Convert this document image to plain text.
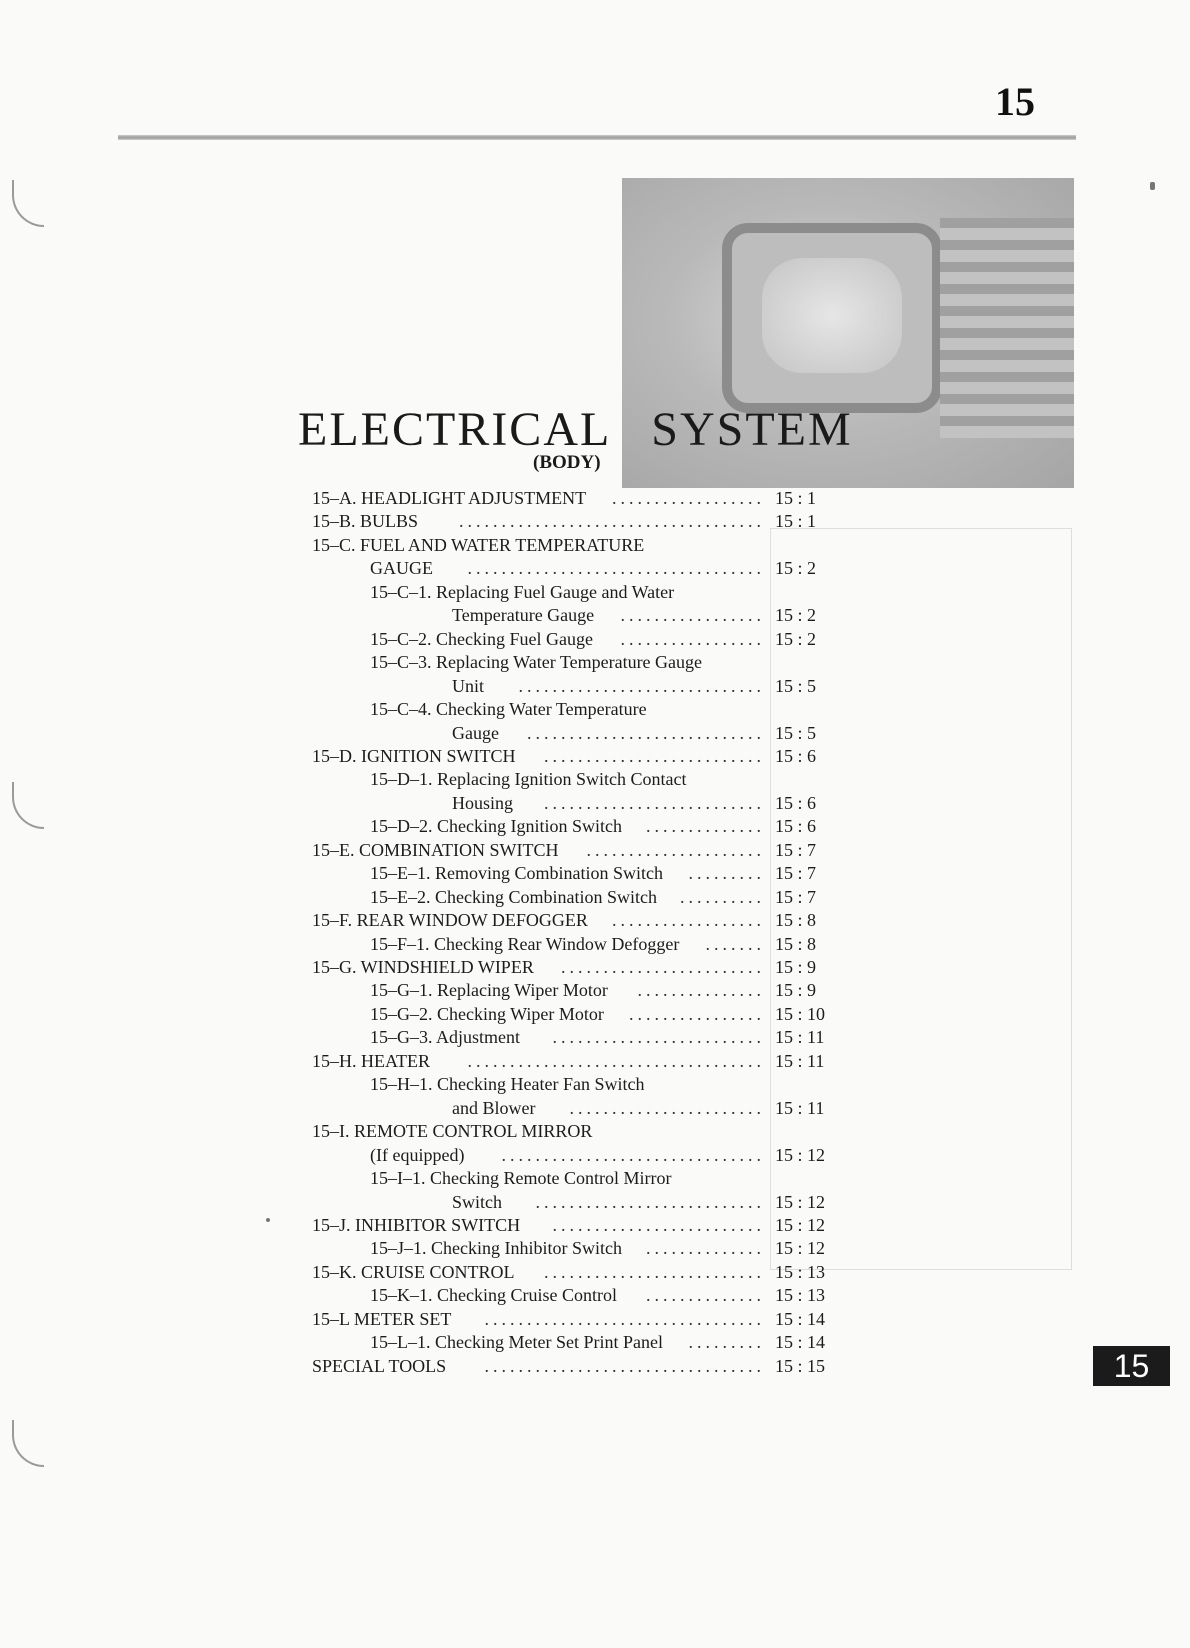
15
ELECTRICAL SYSTEM
(BODY)
15–A. HEADLIGHT ADJUSTMENT	.................. 15 : 1
15–B. BULBS	.................................... 15 : 1
15–C. FUEL AND WATER TEMPERATURE
GAUGE	................................... 15 : 2
15–C–1. Replacing Fuel Gauge and Water
Temperature Gauge	................. 15 : 2
15–C–2. Checking Fuel Gauge	................. 15 : 2
15–C–3. Replacing Water Temperature Gauge
Unit	............................. 15 : 5
15–C–4. Checking Water Temperature
Gauge	............................ 15 : 5
15–D. IGNITION SWITCH	.......................... 15 : 6
15–D–1. Replacing Ignition Switch Contact
Housing	.......................... 15 : 6
15–D–2. Checking Ignition Switch	.............. 15 : 6
15–E. COMBINATION SWITCH	..................... 15 : 7
15–E–1. Removing Combination Switch	......... 15 : 7
15–E–2. Checking Combination Switch	.......... 15 : 7
15–F. REAR WINDOW DEFOGGER	.................. 15 : 8
15–F–1. Checking Rear Window Defogger	....... 15 : 8
15–G. WINDSHIELD WIPER	........................ 15 : 9
15–G–1. Replacing Wiper Motor	............... 15 : 9
15–G–2. Checking Wiper Motor	................ 15 : 10
15–G–3. Adjustment	......................... 15 : 11
15–H. HEATER	................................... 15 : 11
15–H–1. Checking Heater Fan Switch
and Blower	....................... 15 : 11
15–I. REMOTE CONTROL MIRROR
(If equipped)	............................... 15 : 12
15–I–1. Checking Remote Control Mirror
Switch	........................... 15 : 12
15–J. INHIBITOR SWITCH	......................... 15 : 12
15–J–1. Checking Inhibitor Switch	.............. 15 : 12
15–K. CRUISE CONTROL	.......................... 15 : 13
15–K–1. Checking Cruise Control	.............. 15 : 13
15–L METER SET	................................. 15 : 14
15–L–1. Checking Meter Set Print Panel	......... 15 : 14
SPECIAL TOOLS	................................. 15 : 15	15
